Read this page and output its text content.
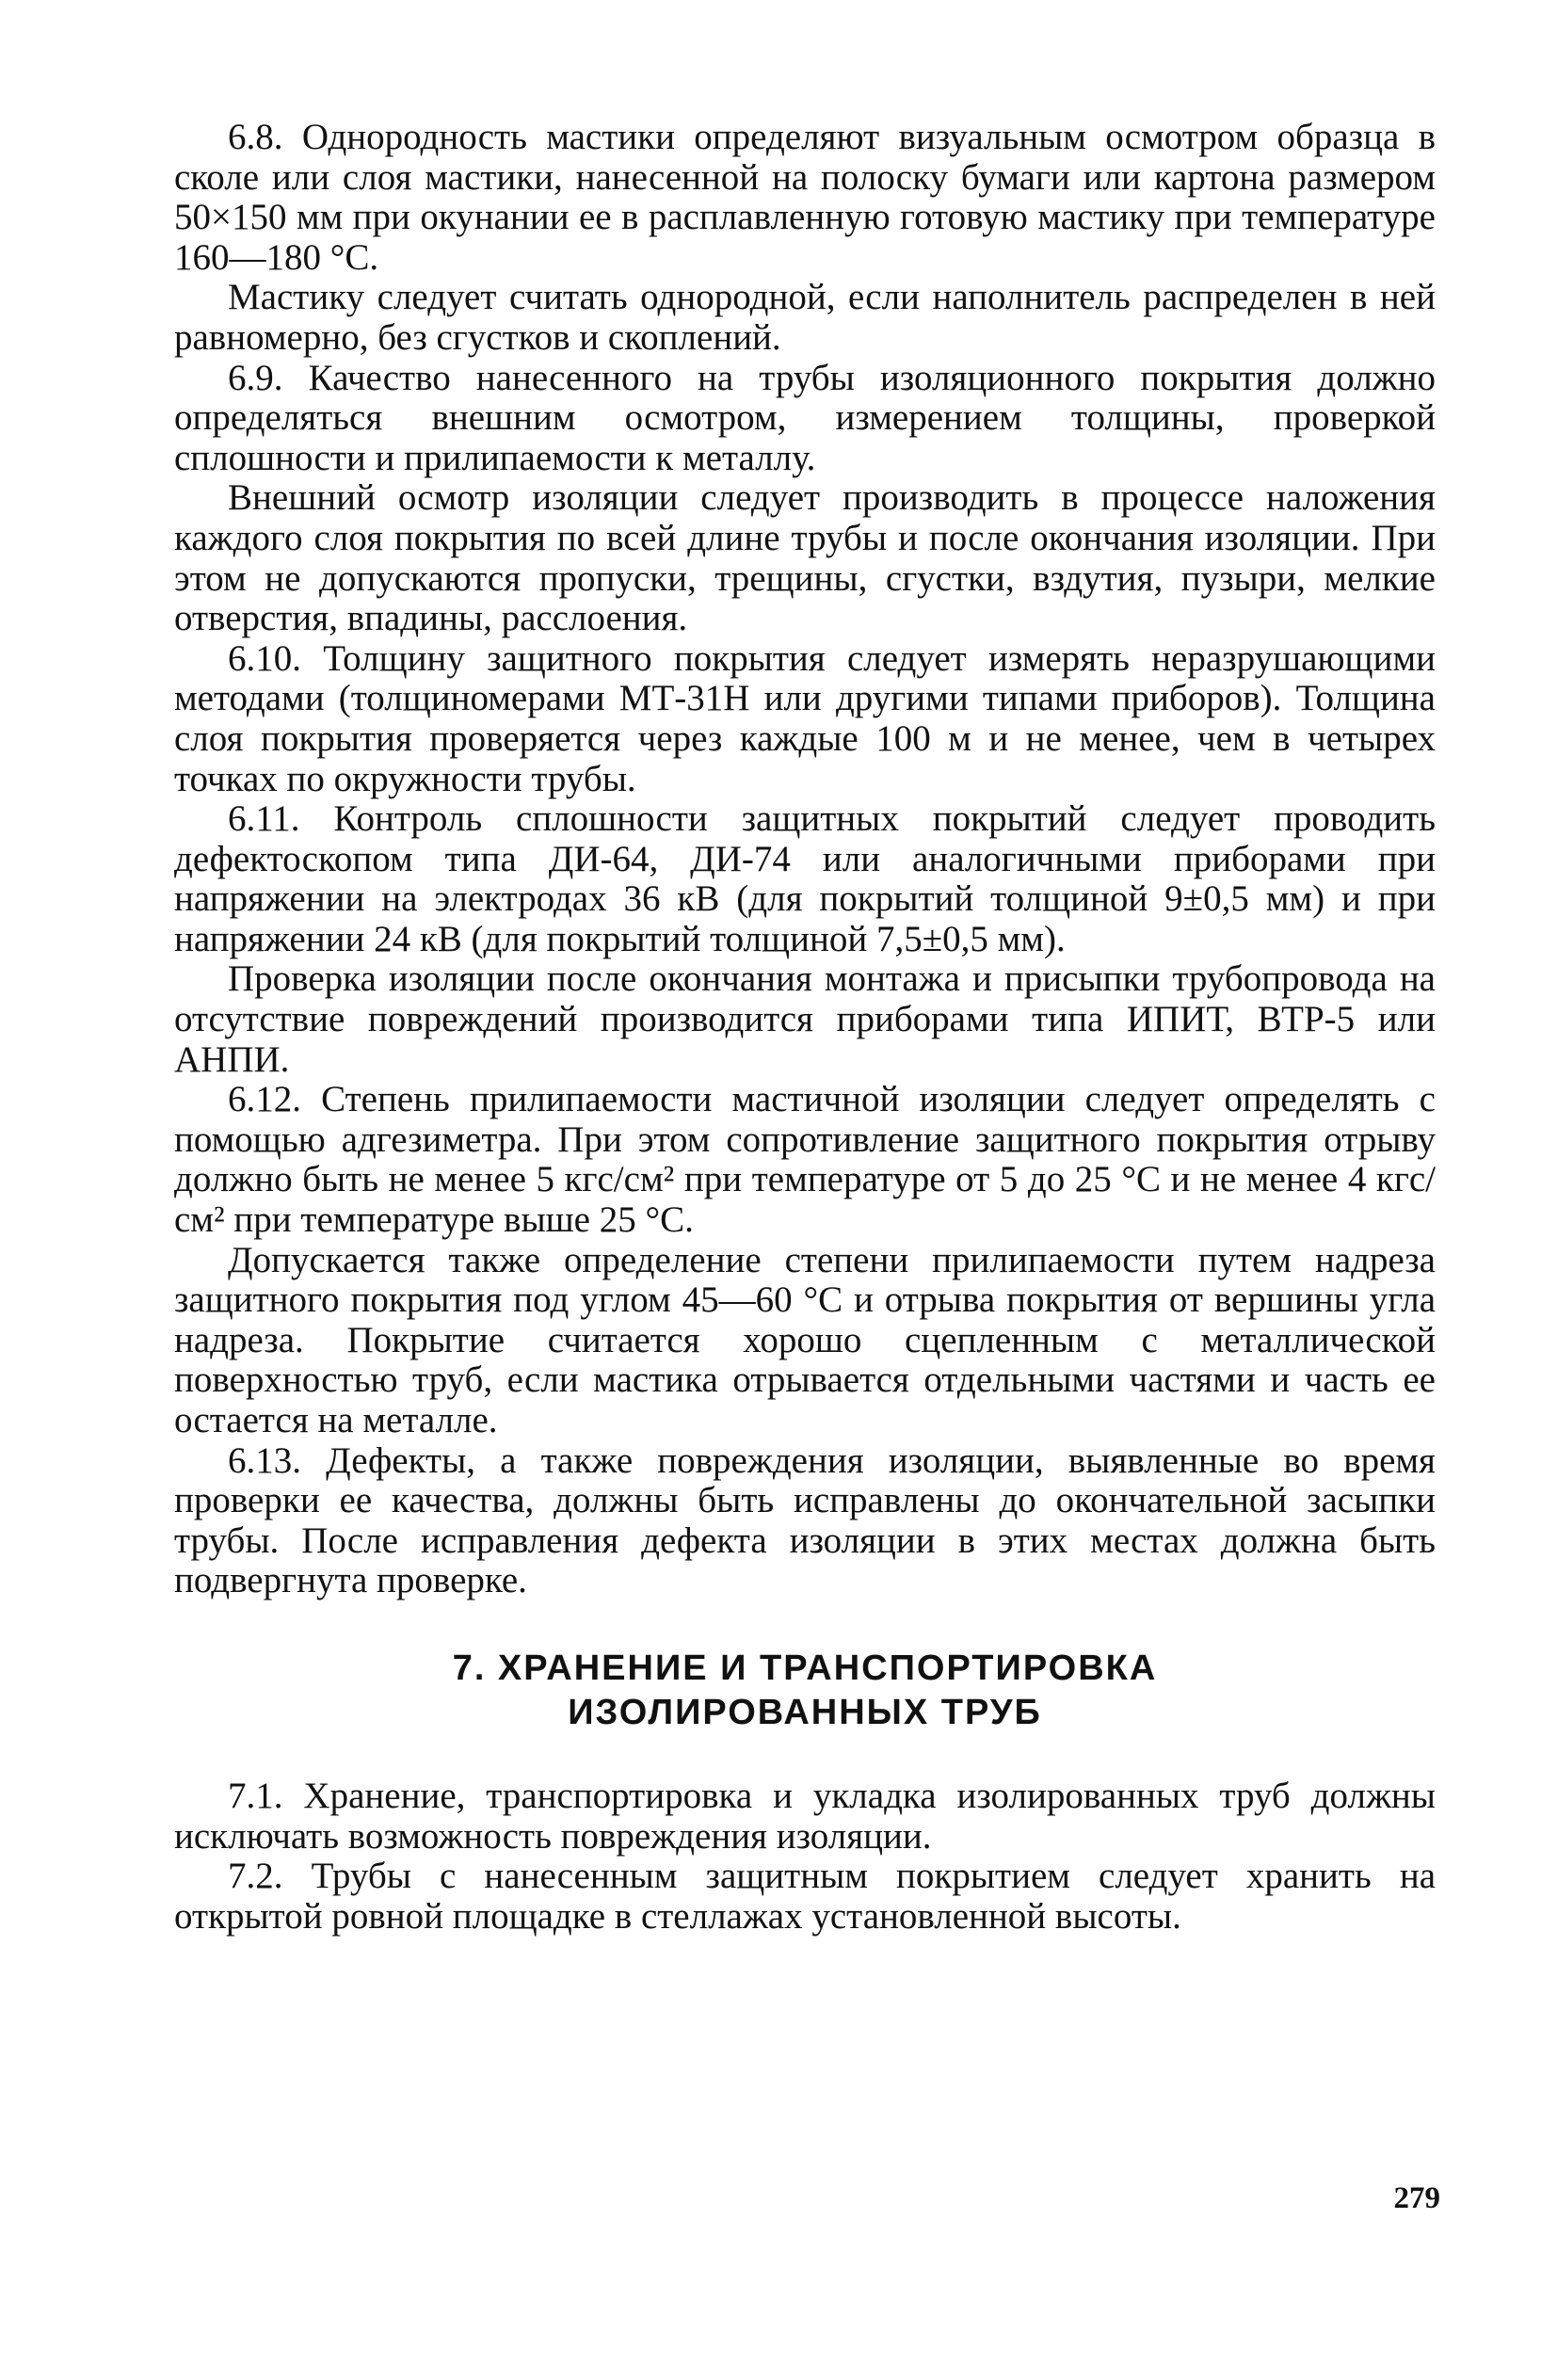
6.8. Однородность мастики определяют визуальным осмотром образца в сколе или слоя мастики, нанесенной на полоску бумаги или картона размером 50×150 мм при окунании ее в расплавленную готовую мастику при температуре 160—180 °С.

Мастику следует считать однородной, если наполнитель распределен в ней равномерно, без сгустков и скоплений.

6.9. Качество нанесенного на трубы изоляционного покрытия должно определяться внешним осмотром, измерением толщины, проверкой сплошности и прилипаемости к металлу.

Внешний осмотр изоляции следует производить в процессе наложения каждого слоя покрытия по всей длине трубы и после окончания изоляции. При этом не допускаются пропуски, трещины, сгустки, вздутия, пузыри, мелкие отверстия, впадины, расслоения.

6.10. Толщину защитного покрытия следует измерять неразрушающими методами (толщиномерами МТ-31Н или другими типами приборов). Толщина слоя покрытия проверяется через каждые 100 м и не менее, чем в четырех точках по окружности трубы.

6.11. Контроль сплошности защитных покрытий следует проводить дефектоскопом типа ДИ-64, ДИ-74 или аналогичными приборами при напряжении на электродах 36 кВ (для покрытий толщиной 9±0,5 мм) и при напряжении 24 кВ (для покрытий толщиной 7,5±0,5 мм).

Проверка изоляции после окончания монтажа и присыпки трубопровода на отсутствие повреждений производится приборами типа ИПИТ, ВТР-5 или АНПИ.

6.12. Степень прилипаемости мастичной изоляции следует определять с помощью адгезиметра. При этом сопротивление защитного покрытия отрыву должно быть не менее 5 кгс/см² при температуре от 5 до 25 °С и не менее 4 кгс/см² при температуре выше 25 °С.

Допускается также определение степени прилипаемости путем надреза защитного покрытия под углом 45—60 °С и отрыва покрытия от вершины угла надреза. Покрытие считается хорошо сцепленным с металлической поверхностью труб, если мастика отрывается отдельными частями и часть ее остается на металле.

6.13. Дефекты, а также повреждения изоляции, выявленные во время проверки ее качества, должны быть исправлены до окончательной засыпки трубы. После исправления дефекта изоляции в этих местах должна быть подвергнута проверке.

7. ХРАНЕНИЕ И ТРАНСПОРТИРОВКА
ИЗОЛИРОВАННЫХ ТРУБ

7.1. Хранение, транспортировка и укладка изолированных труб должны исключать возможность повреждения изоляции.

7.2. Трубы с нанесенным защитным покрытием следует хранить на открытой ровной площадке в стеллажах установленной высоты.

279
